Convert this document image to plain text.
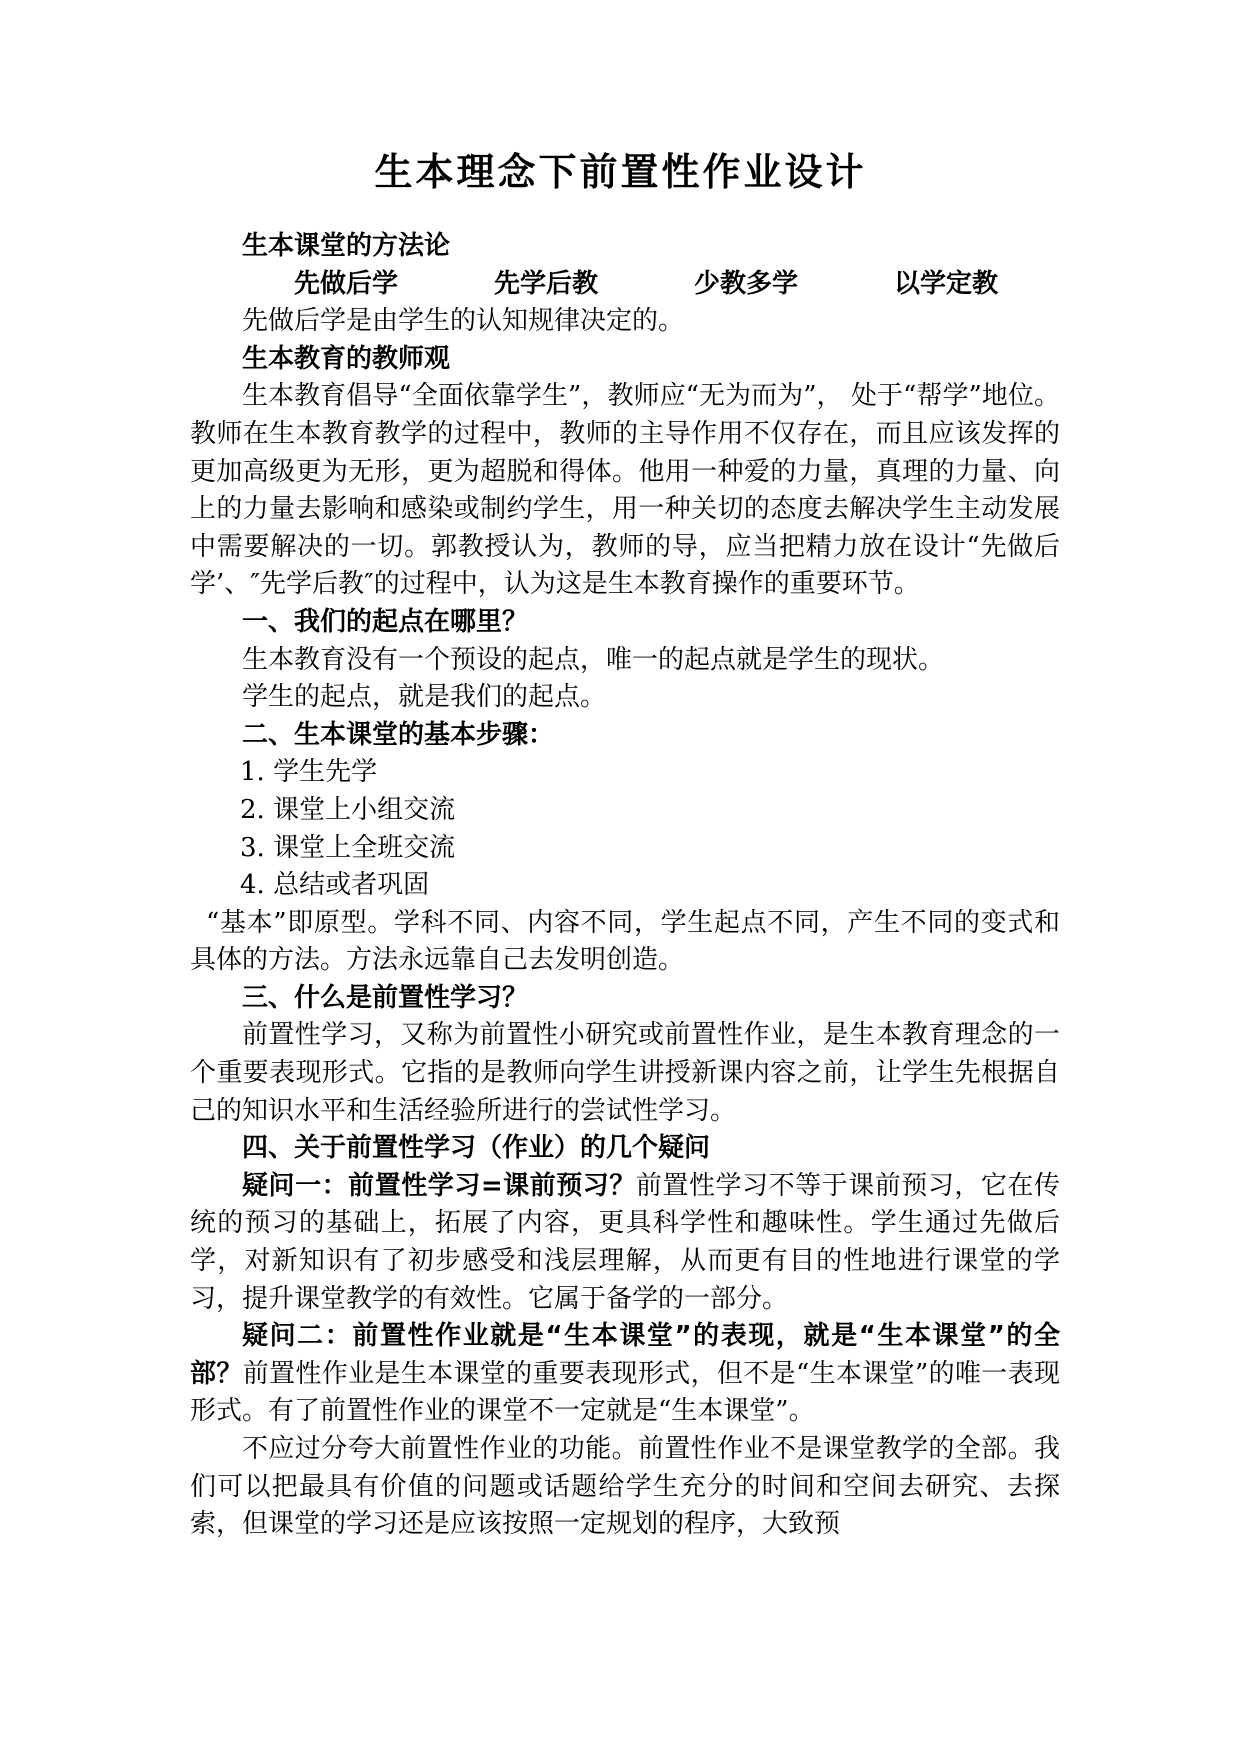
生本理念下前置性作业设计

生本课堂的方法论

先做后学	先学后教	少教多学	以学定教

先做后学是由学生的认知规律决定的。

生本教育的教师观

生本教育倡导“全面依靠学生”，教师应“无为而为”， 处于“帮学”地位。教师在生本教育教学的过程中，教师的主导作用不仅存在，而且应该发挥的更加高级更为无形，更为超脱和得体。他用一种爱的力量，真理的力量、向上的力量去影响和感染或制约学生，用一种关切的态度去解决学生主动发展中需要解决的一切。郭教授认为，教师的导，应当把精力放在设计“先做后学’、″先学后教″的过程中，认为这是生本教育操作的重要环节。

一、我们的起点在哪里？

生本教育没有一个预设的起点，唯一的起点就是学生的现状。

学生的起点，就是我们的起点。

二、生本课堂的基本步骤：

1. 学生先学

2. 课堂上小组交流

3. 课堂上全班交流

4. 总结或者巩固

“基本”即原型。学科不同、内容不同，学生起点不同，产生不同的变式和具体的方法。方法永远靠自己去发明创造。

三、什么是前置性学习？

前置性学习，又称为前置性小研究或前置性作业，是生本教育理念的一个重要表现形式。它指的是教师向学生讲授新课内容之前，让学生先根据自己的知识水平和生活经验所进行的尝试性学习。

四、关于前置性学习（作业）的几个疑问

疑问一：前置性学习=课前预习？前置性学习不等于课前预习，它在传统的预习的基础上，拓展了内容，更具科学性和趣味性。学生通过先做后学，对新知识有了初步感受和浅层理解，从而更有目的性地进行课堂的学习，提升课堂教学的有效性。它属于备学的一部分。

疑问二：前置性作业就是“生本课堂”的表现，就是“生本课堂”的全部？前置性作业是生本课堂的重要表现形式，但不是“生本课堂”的唯一表现形式。有了前置性作业的课堂不一定就是“生本课堂”。

不应过分夸大前置性作业的功能。前置性作业不是课堂教学的全部。我们可以把最具有价值的问题或话题给学生充分的时间和空间去研究、去探索，但课堂的学习还是应该按照一定规划的程序，大致预
